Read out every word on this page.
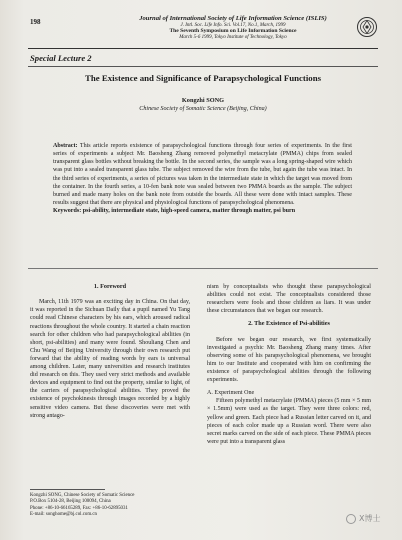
198	Journal of International Society of Life Information Science (ISLIS)
J. Intl. Soc. Life Info. Sci. Vol.17, No.1, March, 1999
The Seventh Symposium on Life Information Science
March 5-6 1999, Tokyo Institute of Technology, Tokyo
Special Lecture 2
The Existence and Significance of Parapsychological Functions
Kongzhi SONG
Chinese Society of Somatic Science (Beijing, China)
Abstract: This article reports existence of parapsychological functions through four series of experiments. In the first series of experiments a subject Mr. Baosheng Zhang removed polymethyl metacrylate (PMMA) chips from sealed transparent glass bottles without breaking the bottle. In the second series, the sample was a long spring-shaped wire which was put into a sealed transparent glass tube. The subject removed the wire from the tube, but again the tube was intact. In the third series of experiments, a series of pictures was taken in the intermediate state in which the target was moved from the container. In the fourth series, a 10-fen bank note was sealed between two PMMA boards as the sample. The subject burned and made many holes on the bank note from outside the boards. All these were done with intact samples. These results suggest that there are physical and physiological functions of parapsychological phenomena.
Keywords: psi-ability, intermediate state, high-speed camera, matter through matter, psi burn
1. Foreword

March, 11th 1979 was an exciting day in China. On that day, it was reported in the Sichuan Daily that a pupil named Yu Tang could read Chinese characters by his ears, which aroused radical reactions throughout the whole country. It started a chain reaction search for other children who had parapsychological abilities (in short, psi-abilities) and many were found. Shouliang Chen and Chu Wang of Beijing University through their own research put forward that the ability of reading words by ears is universal among children. Later, many universities and research institutes did research on this. They used very strict methods and available devices and equipment to find out the property, similar to light, of the carriers of parapsychological abilities. They proved the existence of psychokinesis through images recorded by a highly sensitive video camera. But these discoveries were met with strong antago-

nism by conceptualists who thought these parapsychological abilities could not exist. The conceptualists considered those researchers were fools and those children as liars. It was under these circumstances that we began our research.

2. The Existence of Psi-abilities

Before we began our research, we first systematically investigated a psychic Mr. Baosheng Zhang many times. After observing some of his parapsychological phenomena, we brought him to our Institute and cooperated with him on confirming the existence of parapsychological abilities through the following experiments.

A. Experiment One

Fifteen polymethyl metacrylate (PMMA) pieces (5 mm × 5 mm × 1.5mm) were used as the target. They were three colors: red, yellow and green. Each piece had a Russian letter carved on it, and pieces of each color made up a Russian word. There were also secret marks carved on the side of each piece. These PMMA pieces were put into a transparent glass

Kongzhi SONG, Chinese Society of Somatic Science
P.O.Box 5104-28, Beijing 100094, China
Phone: +86-10-66165289, Fax: +86-10-62895031
E-mail: songhome@bj.col.com.cn	X博士
